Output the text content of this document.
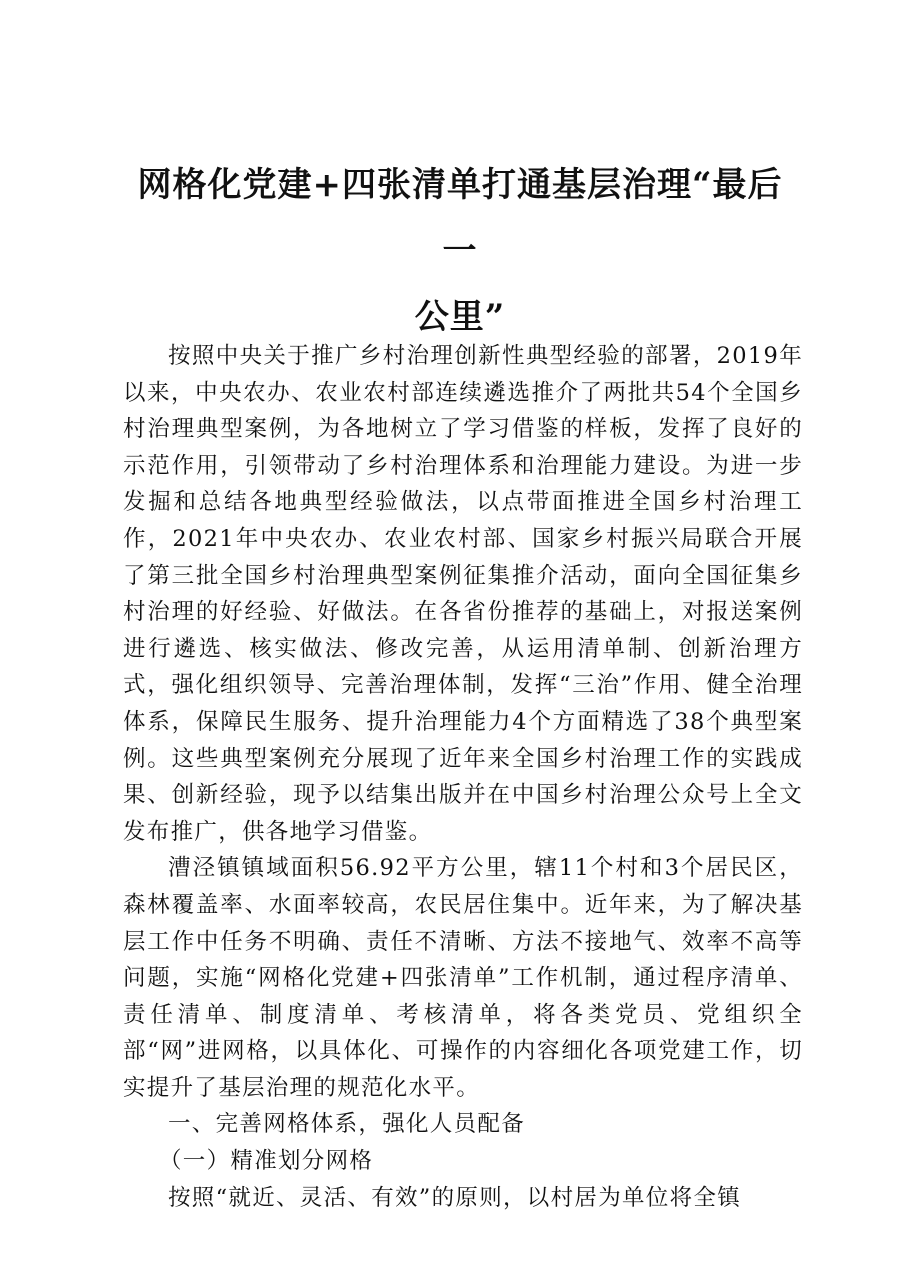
网格化党建+四张清单打通基层治理“最后一
公里”

按照中央关于推广乡村治理创新性典型经验的部署，2019年以来，中央农办、农业农村部连续遴选推介了两批共54个全国乡村治理典型案例，为各地树立了学习借鉴的样板，发挥了良好的示范作用，引领带动了乡村治理体系和治理能力建设。为进一步发掘和总结各地典型经验做法，以点带面推进全国乡村治理工作，2021年中央农办、农业农村部、国家乡村振兴局联合开展了第三批全国乡村治理典型案例征集推介活动，面向全国征集乡村治理的好经验、好做法。在各省份推荐的基础上，对报送案例进行遴选、核实做法、修改完善，从运用清单制、创新治理方式，强化组织领导、完善治理体制，发挥“三治”作用、健全治理体系，保障民生服务、提升治理能力4个方面精选了38个典型案例。这些典型案例充分展现了近年来全国乡村治理工作的实践成果、创新经验，现予以结集出版并在中国乡村治理公众号上全文发布推广，供各地学习借鉴。

漕泾镇镇域面积56.92平方公里，辖11个村和3个居民区，森林覆盖率、水面率较高，农民居住集中。近年来，为了解决基层工作中任务不明确、责任不清晰、方法不接地气、效率不高等问题，实施“网格化党建+四张清单”工作机制，通过程序清单、责任清单、制度清单、考核清单，将各类党员、党组织全部“网”进网格，以具体化、可操作的内容细化各项党建工作，切实提升了基层治理的规范化水平。

一、完善网格体系，强化人员配备

（一）精准划分网格

按照“就近、灵活、有效”的原则，以村居为单位将全镇
